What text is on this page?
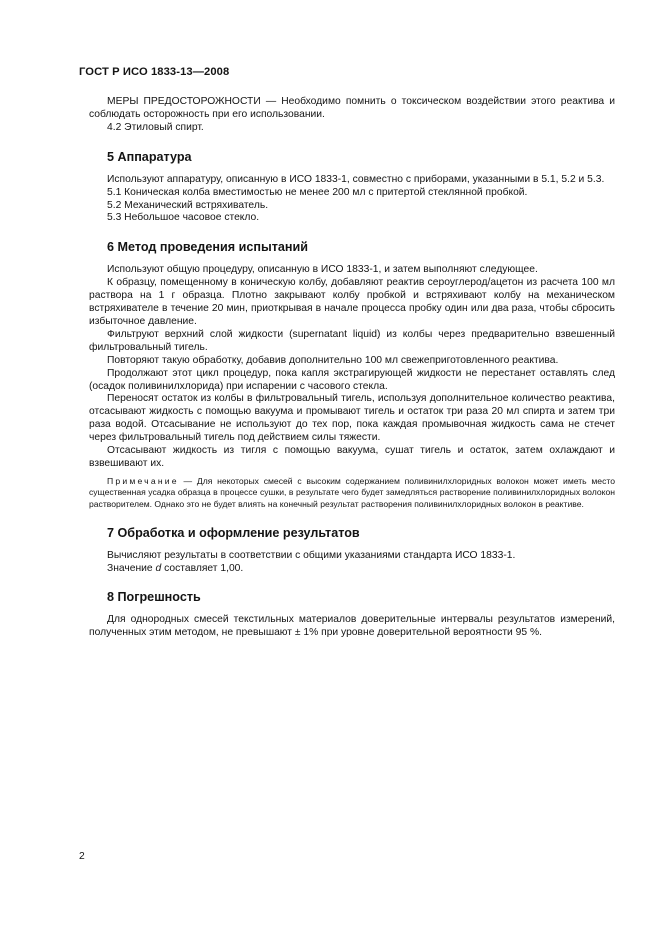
ГОСТ Р ИСО 1833-13—2008

МЕРЫ ПРЕДОСТОРОЖНОСТИ — Необходимо помнить о токсическом воздействии этого реактива и соблюдать осторожность при его использовании.

4.2 Этиловый спирт.

5 Аппаратура

Используют аппаратуру, описанную в ИСО 1833-1, совместно с приборами, указанными в 5.1, 5.2 и 5.3.

5.1 Коническая колба вместимостью не менее 200 мл с притертой стеклянной пробкой.

5.2 Механический встряхиватель.

5.3 Небольшое часовое стекло.

6 Метод проведения испытаний

Используют общую процедуру, описанную в ИСО 1833-1, и затем выполняют следующее.

К образцу, помещенному в коническую колбу, добавляют реактив сероуглерод/ацетон из расчета 100 мл раствора на 1 г образца. Плотно закрывают колбу пробкой и встряхивают колбу на механическом встряхивателе в течение 20 мин, приоткрывая в начале процесса пробку один или два раза, чтобы сбросить избыточное давление.

Фильтруют верхний слой жидкости (supernatant liquid) из колбы через предварительно взвешенный фильтровальный тигель.

Повторяют такую обработку, добавив дополнительно 100 мл свежеприготовленного реактива.

Продолжают этот цикл процедур, пока капля экстрагирующей жидкости не перестанет оставлять след (осадок поливинилхлорида) при испарении с часового стекла.

Переносят остаток из колбы в фильтровальный тигель, используя дополнительное количество реактива, отсасывают жидкость с помощью вакуума и промывают тигель и остаток три раза 20 мл спирта и затем три раза водой. Отсасывание не используют до тех пор, пока каждая промывочная жидкость сама не стечет через фильтровальный тигель под действием силы тяжести.

Отсасывают жидкость из тигля с помощью вакуума, сушат тигель и остаток, затем охлаждают и взвешивают их.

Примечание — Для некоторых смесей с высоким содержанием поливинилхлоридных волокон может иметь место существенная усадка образца в процессе сушки, в результате чего будет замедляться растворение поливинилхлоридных волокон растворителем. Однако это не будет влиять на конечный результат растворения поливинилхлоридных волокон в реактиве.

7 Обработка и оформление результатов

Вычисляют результаты в соответствии с общими указаниями стандарта ИСО 1833-1.

Значение d составляет 1,00.

8 Погрешность

Для однородных смесей текстильных материалов доверительные интервалы результатов измерений, полученных этим методом, не превышают ± 1% при уровне доверительной вероятности 95 %.

2
